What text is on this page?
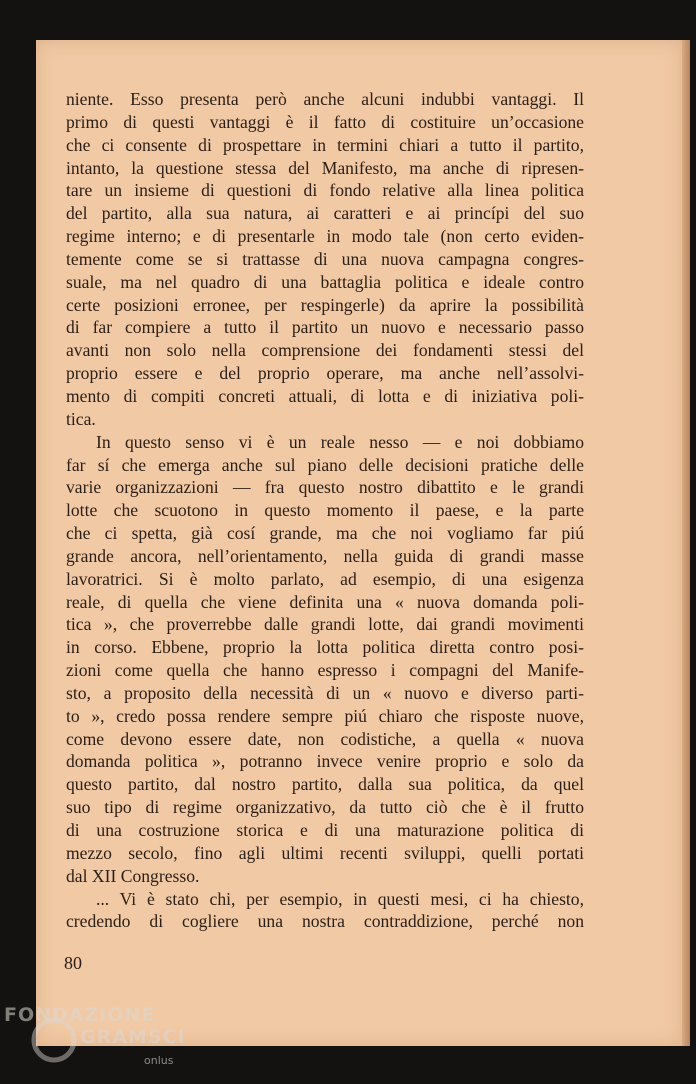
niente. Esso presenta però anche alcuni indubbi vantaggi. Il
primo di questi vantaggi è il fatto di costituire un’occasione
che ci consente di prospettare in termini chiari a tutto il partito,
intanto, la questione stessa del Manifesto, ma anche di ripresen-
tare un insieme di questioni di fondo relative alla linea politica
del partito, alla sua natura, ai caratteri e ai princípi del suo
regime interno; e di presentarle in modo tale (non certo eviden-
temente come se si trattasse di una nuova campagna congres-
suale, ma nel quadro di una battaglia politica e ideale contro
certe posizioni erronee, per respingerle) da aprire la possibilità
di far compiere a tutto il partito un nuovo e necessario passo
avanti non solo nella comprensione dei fondamenti stessi del
proprio essere e del proprio operare, ma anche nell’assolvi-
mento di compiti concreti attuali, di lotta e di iniziativa poli-
tica.
In questo senso vi è un reale nesso — e noi dobbiamo
far sí che emerga anche sul piano delle decisioni pratiche delle
varie organizzazioni — fra questo nostro dibattito e le grandi
lotte che scuotono in questo momento il paese, e la parte
che ci spetta, già cosí grande, ma che noi vogliamo far piú
grande ancora, nell’orientamento, nella guida di grandi masse
lavoratrici. Si è molto parlato, ad esempio, di una esigenza
reale, di quella che viene definita una « nuova domanda poli-
tica », che proverrebbe dalle grandi lotte, dai grandi movimenti
in corso. Ebbene, proprio la lotta politica diretta contro posi-
zioni come quella che hanno espresso i compagni del Manife-
sto, a proposito della necessità di un « nuovo e diverso parti-
to », credo possa rendere sempre piú chiaro che risposte nuove,
come devono essere date, non codistiche, a quella « nuova
domanda politica », potranno invece venire proprio e solo da
questo partito, dal nostro partito, dalla sua politica, da quel
suo tipo di regime organizzativo, da tutto ciò che è il frutto
di una costruzione storica e di una maturazione politica di
mezzo secolo, fino agli ultimi recenti sviluppi, quelli portati
dal XII Congresso.
... Vi è stato chi, per esempio, in questi mesi, ci ha chiesto,
credendo di cogliere una nostra contraddizione, perché non
80
FONDAZIONE
GRAMSCI
onlus
